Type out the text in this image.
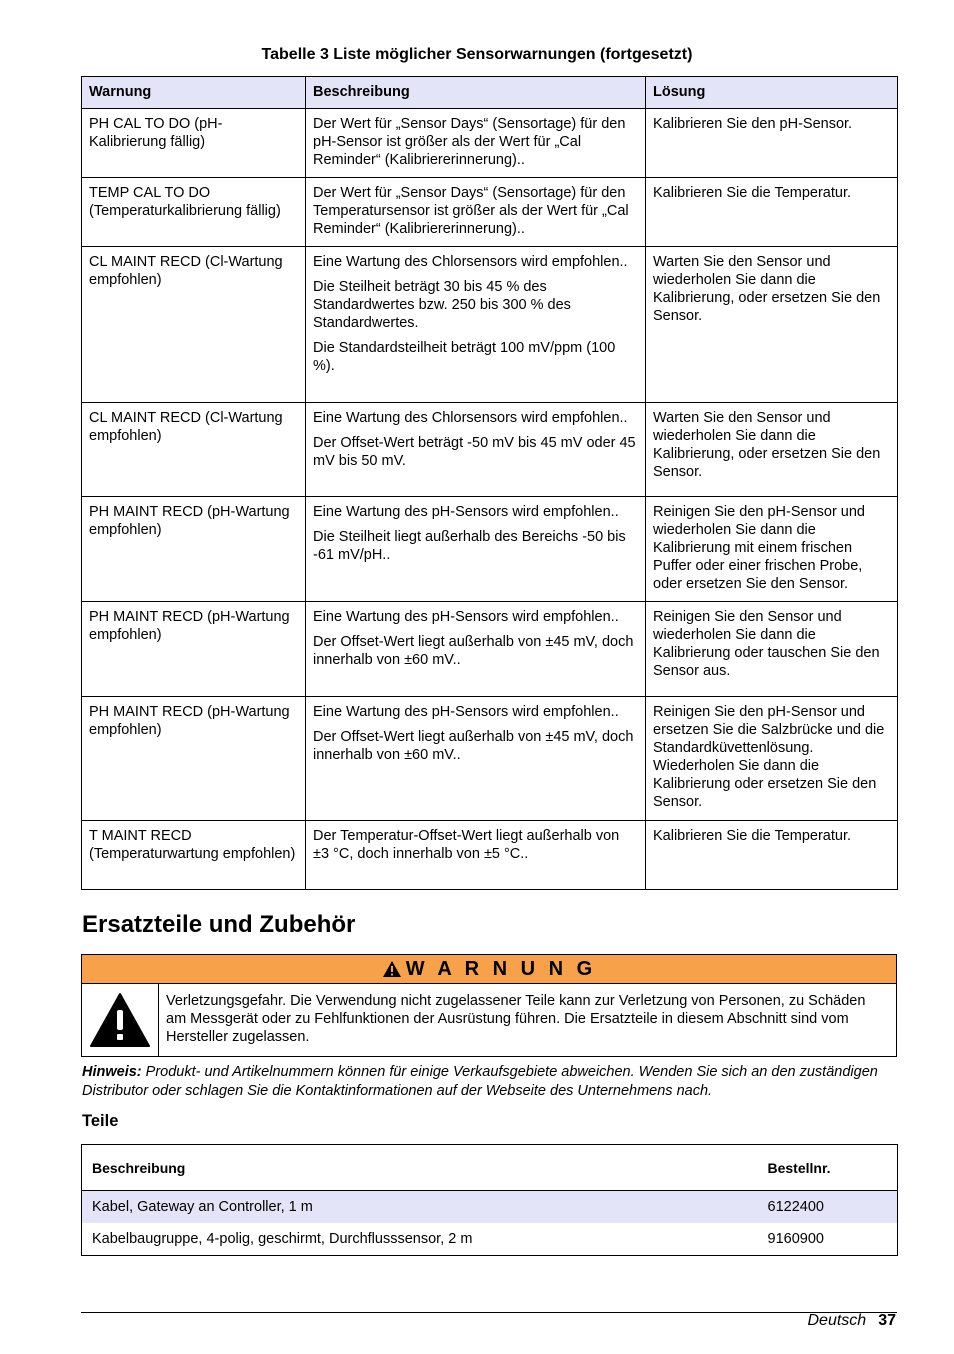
Tabelle 3 Liste möglicher Sensorwarnungen (fortgesetzt)
Warnung	Beschreibung	Lösung
PH CAL TO DO (pH-Kalibrierung fällig)	Der Wert für „Sensor Days“ (Sensortage) für den pH-Sensor ist größer als der Wert für „Cal Reminder“ (Kalibriererinnerung)..	Kalibrieren Sie den pH-Sensor.
TEMP CAL TO DO (Temperaturkalibrierung fällig)	Der Wert für „Sensor Days“ (Sensortage) für den Temperatursensor ist größer als der Wert für „Cal Reminder“ (Kalibriererinnerung)..	Kalibrieren Sie die Temperatur.
CL MAINT RECD (Cl-Wartung empfohlen)	Eine Wartung des Chlorsensors wird empfohlen..

Die Steilheit beträgt 30 bis 45 % des Standardwertes bzw. 250 bis 300 % des Standardwertes.

Die Standardsteilheit beträgt 100 mV/ppm (100 %).	Warten Sie den Sensor und wiederholen Sie dann die Kalibrierung, oder ersetzen Sie den Sensor.
CL MAINT RECD (Cl-Wartung empfohlen)	Eine Wartung des Chlorsensors wird empfohlen..

Der Offset-Wert beträgt -50 mV bis 45 mV oder 45 mV bis 50 mV.	Warten Sie den Sensor und wiederholen Sie dann die Kalibrierung, oder ersetzen Sie den Sensor.
PH MAINT RECD (pH-Wartung empfohlen)	Eine Wartung des pH-Sensors wird empfohlen..

Die Steilheit liegt außerhalb des Bereichs -50 bis -61 mV/pH..	Reinigen Sie den pH-Sensor und wiederholen Sie dann die Kalibrierung mit einem frischen Puffer oder einer frischen Probe, oder ersetzen Sie den Sensor.
PH MAINT RECD (pH-Wartung empfohlen)	Eine Wartung des pH-Sensors wird empfohlen..

Der Offset-Wert liegt außerhalb von ±45 mV, doch innerhalb von ±60 mV..	Reinigen Sie den Sensor und wiederholen Sie dann die Kalibrierung oder tauschen Sie den Sensor aus.
PH MAINT RECD (pH-Wartung empfohlen)	Eine Wartung des pH-Sensors wird empfohlen..

Der Offset-Wert liegt außerhalb von ±45 mV, doch innerhalb von ±60 mV..	Reinigen Sie den pH-Sensor und ersetzen Sie die Salzbrücke und die Standardküvettenlösung. Wiederholen Sie dann die Kalibrierung oder ersetzen Sie den Sensor.
T MAINT RECD (Temperaturwartung empfohlen)	Der Temperatur-Offset-Wert liegt außerhalb von ±3 °C, doch innerhalb von ±5 °C..	Kalibrieren Sie die Temperatur.
Ersatzteile und Zubehör
W A R N U N G
Verletzungsgefahr. Die Verwendung nicht zugelassener Teile kann zur Verletzung von Personen, zu Schäden am Messgerät oder zu Fehlfunktionen der Ausrüstung führen. Die Ersatzteile in diesem Abschnitt sind vom Hersteller zugelassen.
Hinweis: Produkt- und Artikelnummern können für einige Verkaufsgebiete abweichen. Wenden Sie sich an den zuständigen Distributor oder schlagen Sie die Kontaktinformationen auf der Webseite des Unternehmens nach.
Teile
Beschreibung	Bestellnr.
Kabel, Gateway an Controller, 1 m	6122400
Kabelbaugruppe, 4-polig, geschirmt, Durchflusssensor, 2 m	9160900
Deutsch 37
